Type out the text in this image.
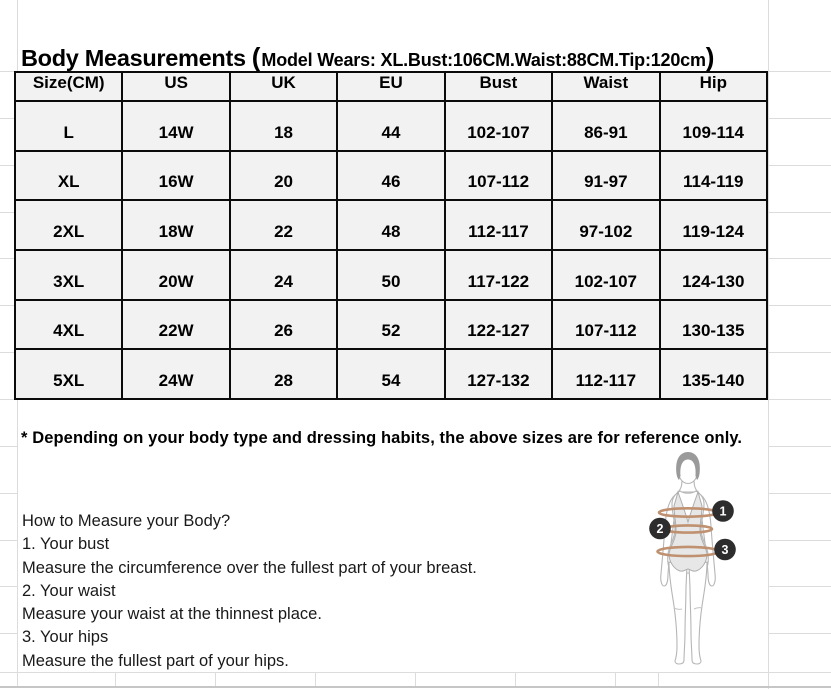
Body Measurements ( Model Wears: XL.Bust:106CM.Waist:88CM.Tip:120cm )
Size(CM)	US	UK	EU	Bust	Waist	Hip
L	14W	18	44	102-107	86-91	109-114
XL	16W	20	46	107-112	91-97	114-119
2XL	18W	22	48	112-117	97-102	119-124
3XL	20W	24	50	117-122	102-107	124-130
4XL	22W	26	52	122-127	107-112	130-135
5XL	24W	28	54	127-132	112-117	135-140
* Depending on your body type and dressing habits, the above sizes are for reference only.
How to Measure your Body?
1. Your bust
Measure the circumference over the fullest part of your breast.
2. Your waist
Measure your waist at the thinnest place.
3. Your hips
Measure the fullest part of your hips.
1
2
3
